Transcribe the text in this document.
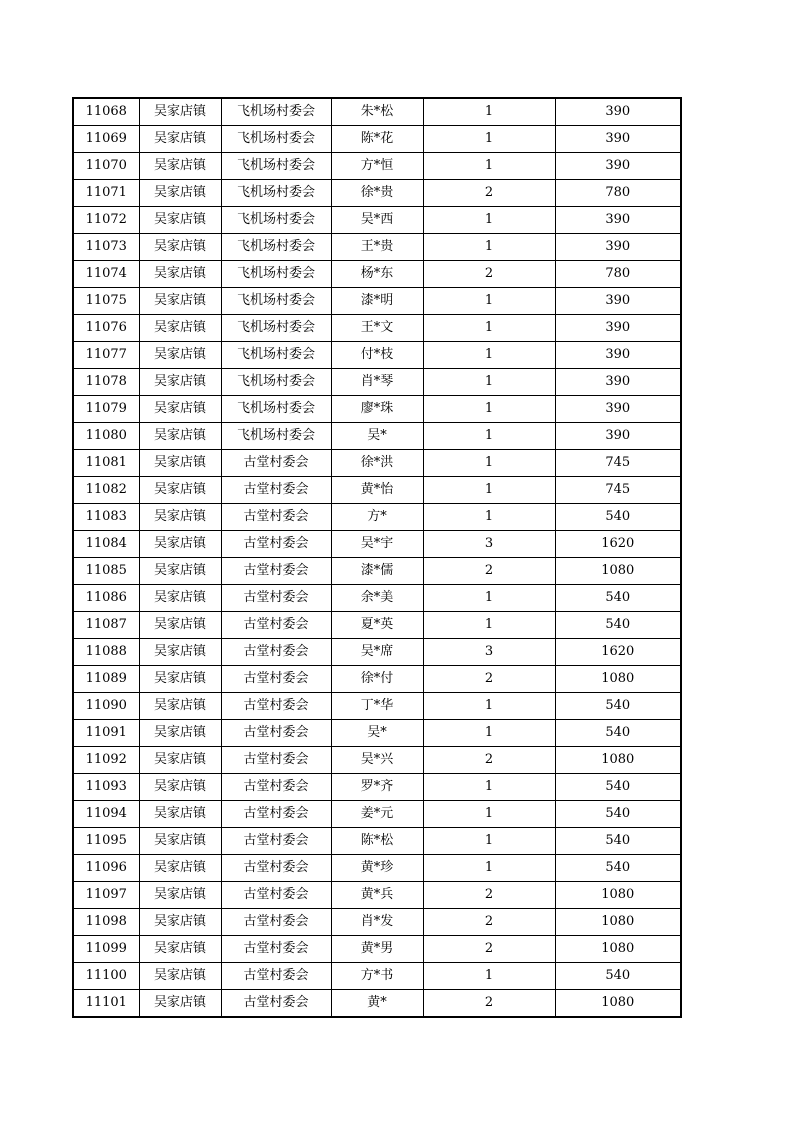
11068	吴家店镇	飞机场村委会	朱*松	1	390
11069	吴家店镇	飞机场村委会	陈*花	1	390
11070	吴家店镇	飞机场村委会	方*恒	1	390
11071	吴家店镇	飞机场村委会	徐*贵	2	780
11072	吴家店镇	飞机场村委会	吴*西	1	390
11073	吴家店镇	飞机场村委会	王*贵	1	390
11074	吴家店镇	飞机场村委会	杨*东	2	780
11075	吴家店镇	飞机场村委会	漆*明	1	390
11076	吴家店镇	飞机场村委会	王*文	1	390
11077	吴家店镇	飞机场村委会	付*枝	1	390
11078	吴家店镇	飞机场村委会	肖*琴	1	390
11079	吴家店镇	飞机场村委会	廖*珠	1	390
11080	吴家店镇	飞机场村委会	吴*	1	390
11081	吴家店镇	古堂村委会	徐*洪	1	745
11082	吴家店镇	古堂村委会	黄*怡	1	745
11083	吴家店镇	古堂村委会	方*	1	540
11084	吴家店镇	古堂村委会	吴*宇	3	1620
11085	吴家店镇	古堂村委会	漆*儒	2	1080
11086	吴家店镇	古堂村委会	余*美	1	540
11087	吴家店镇	古堂村委会	夏*英	1	540
11088	吴家店镇	古堂村委会	吴*席	3	1620
11089	吴家店镇	古堂村委会	徐*付	2	1080
11090	吴家店镇	古堂村委会	丁*华	1	540
11091	吴家店镇	古堂村委会	吴*	1	540
11092	吴家店镇	古堂村委会	吴*兴	2	1080
11093	吴家店镇	古堂村委会	罗*齐	1	540
11094	吴家店镇	古堂村委会	姜*元	1	540
11095	吴家店镇	古堂村委会	陈*松	1	540
11096	吴家店镇	古堂村委会	黄*珍	1	540
11097	吴家店镇	古堂村委会	黄*兵	2	1080
11098	吴家店镇	古堂村委会	肖*发	2	1080
11099	吴家店镇	古堂村委会	黄*男	2	1080
11100	吴家店镇	古堂村委会	方*书	1	540
11101	吴家店镇	古堂村委会	黄*	2	1080
